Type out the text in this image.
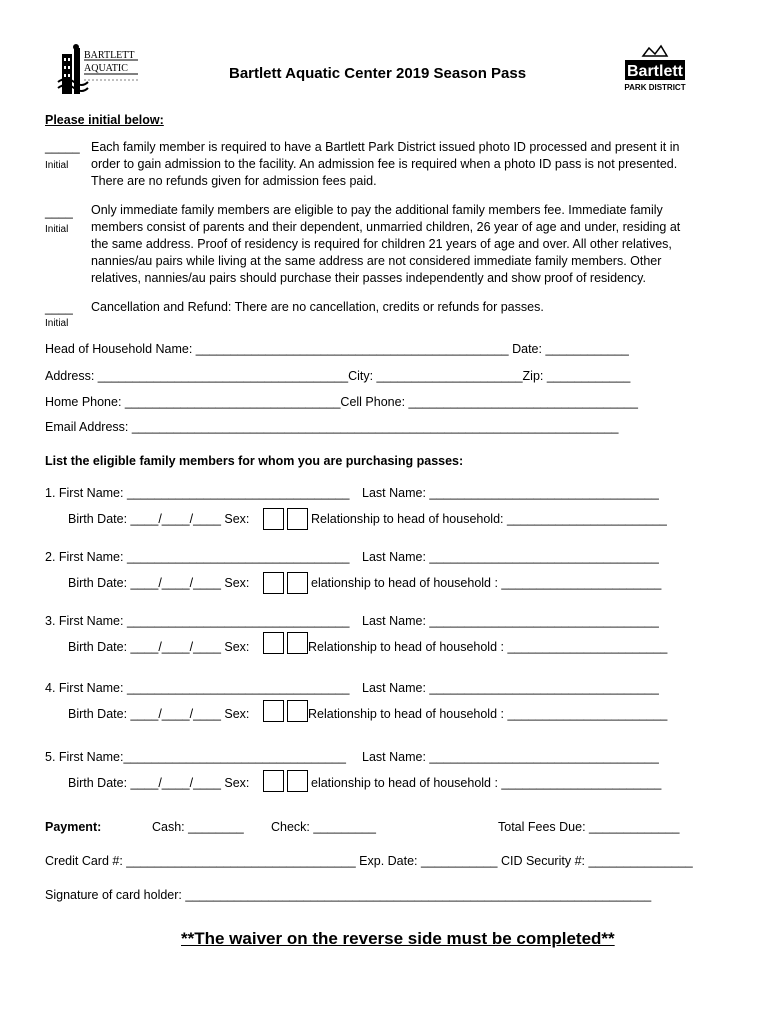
BARTLETT
AQUATIC	Bartlett Aquatic Center 2019 Season Pass	Bartlett
PARK DISTRICT
Please initial below:
_____
Initial
Each family member is required to have a Bartlett Park District issued photo ID processed and present it in
order to gain admission to the facility. An admission fee is required when a photo ID pass is not presented.
There are no refunds given for admission fees paid.
____
Initial
Only immediate family members are eligible to pay the additional family members fee. Immediate family
members consist of parents and their dependent, unmarried children, 26 year of age and under, residing at
the same address. Proof of residency is required for children 21 years of age and over. All other relatives,
nannies/au pairs while living at the same address are not considered immediate family members. Other
relatives, nannies/au pairs should purchase their passes independently and show proof of residency.
____
Initial
Cancellation and Refund: There are no cancellation, credits or refunds for passes.
Head of Household Name: _____________________________________________ Date: ____________
Address: ____________________________________City: _____________________Zip: ____________
Home Phone: _______________________________Cell Phone: _________________________________
Email Address: ______________________________________________________________________
List the eligible family members for whom you are purchasing passes:
1. First Name: ________________________________ Last Name: _________________________________
Birth Date: ____/____/____ Sex:	Relationship to head of household: _______________________
2. First Name: ________________________________ Last Name: _________________________________
Birth Date: ____/____/____ Sex:	elationship to head of household : _______________________
3. First Name: ________________________________ Last Name: _________________________________
Birth Date: ____/____/____ Sex:	Relationship to head of household : _______________________
4. First Name: ________________________________ Last Name: _________________________________
Birth Date: ____/____/____ Sex:	Relationship to head of household : _______________________
5. First Name:________________________________ Last Name: _________________________________
Birth Date: ____/____/____ Sex:	elationship to head of household : _______________________
Payment:	Cash: ________ Check: _________	Total Fees Due: _____________
Credit Card #: _________________________________ Exp. Date: ___________ CID Security #: _______________
Signature of card holder: ___________________________________________________________________
**The waiver on the reverse side must be completed**
